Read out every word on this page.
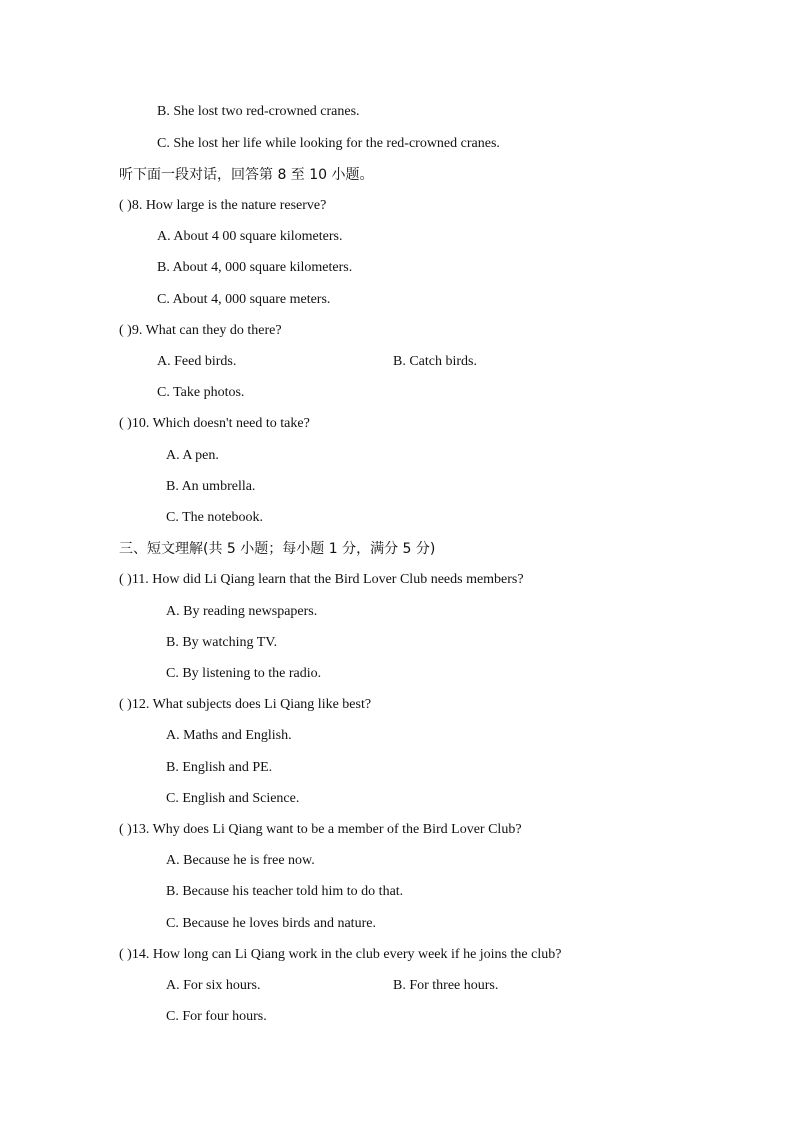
B. She lost two red-crowned cranes.
C. She lost her life while looking for the red-crowned cranes.
听下面一段对话，回答第 8 至 10 小题。
( )8. How large is the nature reserve?
A. About 4 00 square kilometers.
B. About 4, 000 square kilometers.
C. About 4, 000 square meters.
( )9. What can they do there?
A. Feed birds.	B. Catch birds.
C. Take photos.
( )10. Which doesn't need to take?
A. A pen.
B. An umbrella.
C. The notebook.
三、短文理解(共 5 小题；每小题 1 分，满分 5 分)
( )11. How did Li Qiang learn that the Bird Lover Club needs members?
A. By reading newspapers.
B. By watching TV.
C. By listening to the radio.
( )12. What subjects does Li Qiang like best?
A. Maths and English.
B. English and PE.
C. English and Science.
( )13. Why does Li Qiang want to be a member of the Bird Lover Club?
A. Because he is free now.
B. Because his teacher told him to do that.
C. Because he loves birds and nature.
( )14. How long can Li Qiang work in the club every week if he joins the club?
A. For six hours.	B. For three hours.
C. For four hours.
